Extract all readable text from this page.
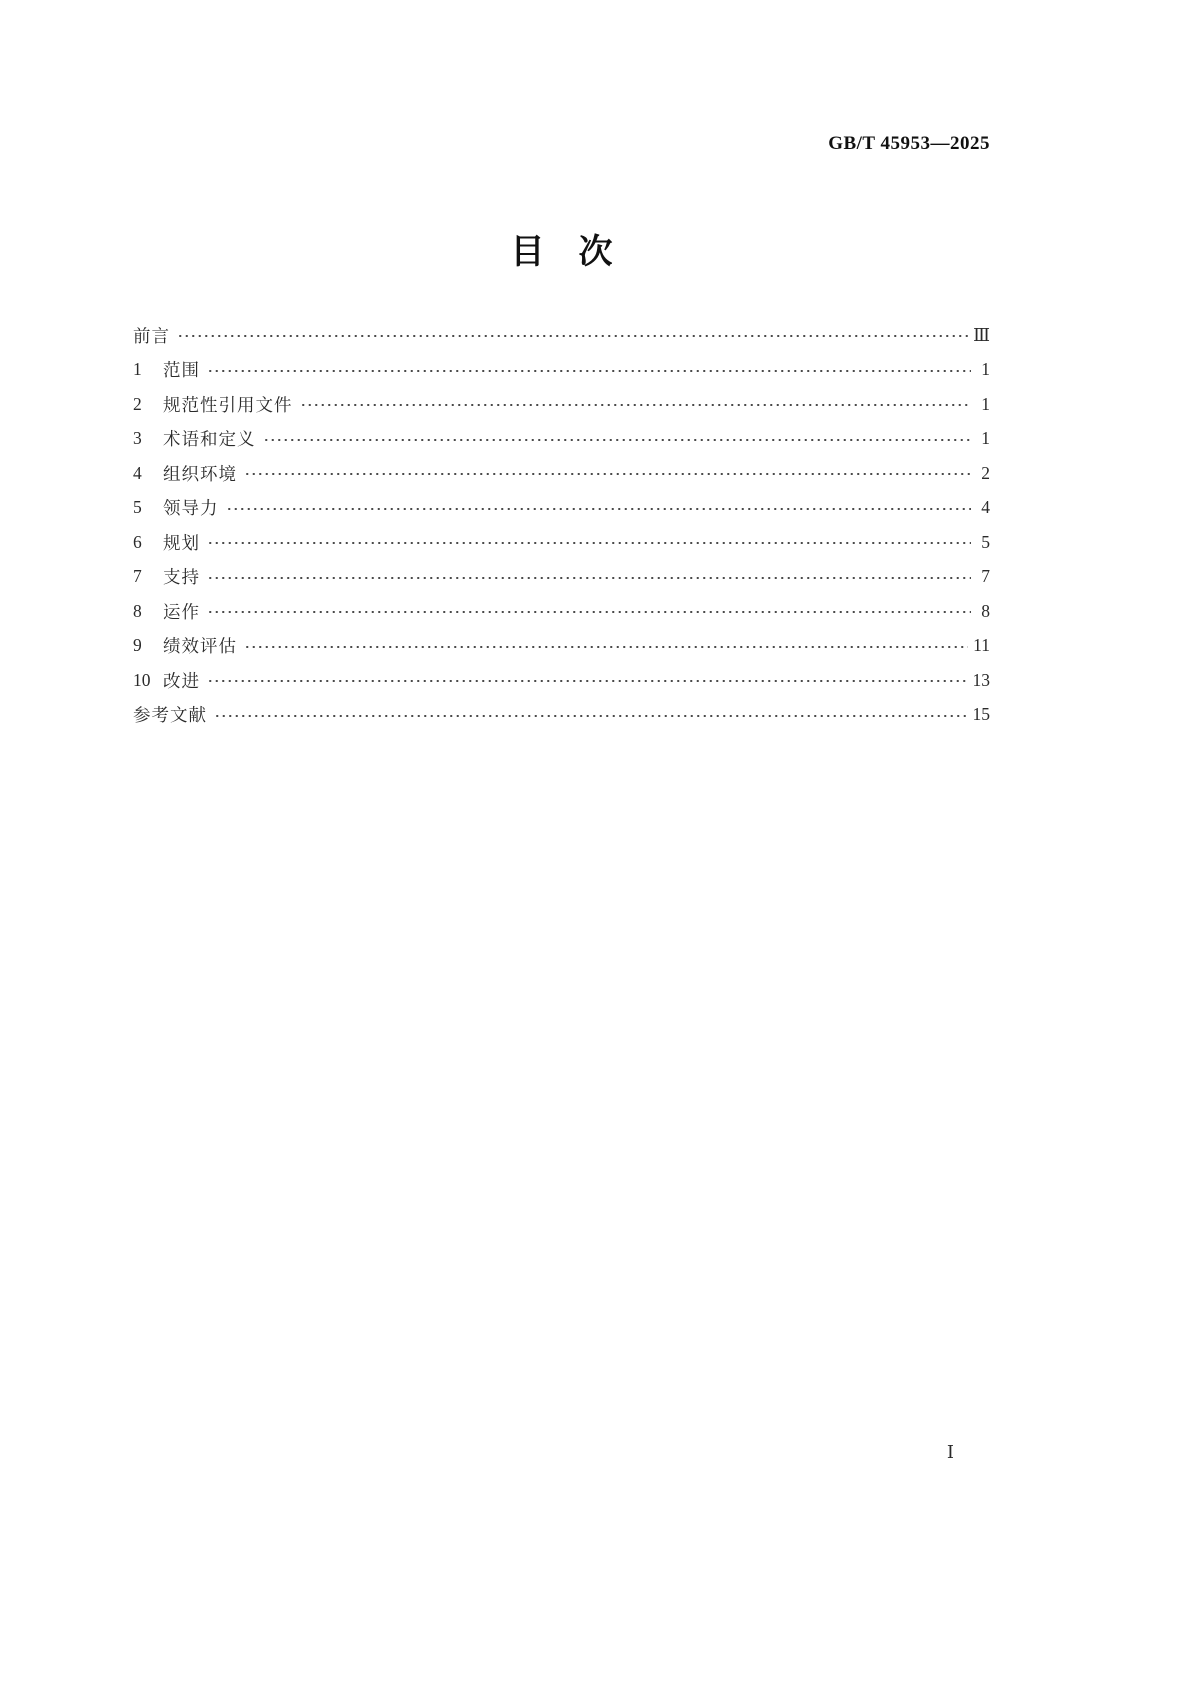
GB/T 45953—2025
目　次
前言	Ⅲ
1	范围	1
2	规范性引用文件	1
3	术语和定义	1
4	组织环境	2
5	领导力	4
6	规划	5
7	支持	7
8	运作	8
9	绩效评估	11
10 改进	13
参考文献	15
Ⅰ
